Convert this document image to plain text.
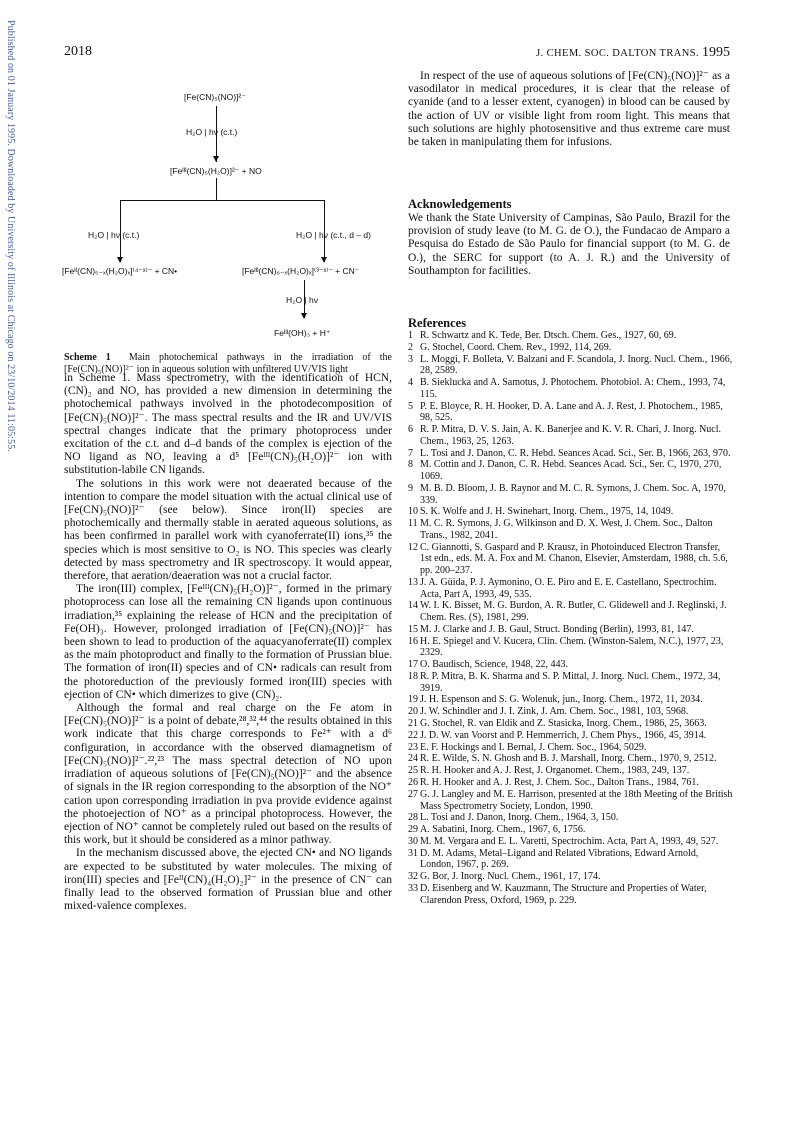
Published on 01 January 1995. Downloaded by University of Illinois at Chicago on 23/10/2014 11:05:55.	2018	J. CHEM. SOC. DALTON TRANS. 1995
[Fe(CN)₅(NO)]²⁻
H₂O | hν (c.t.)
[Feᴵᴵᴵ(CN)₅(H₂O)]²⁻ + NO
H₂O | hν (c.t.)	H₂O | hν (c.t., d – d)
[Feᴵᴵ(CN)₅₋ₓ(H₂O)ₓ]⁽⁴⁻ˣ⁾⁻ + CN•	[Feᴵᴵᴵ(CN)₆₋ₓ(H₂O)ₓ]⁽³⁻ˣ⁾⁻ + CN⁻
H₂O | hν
Feᴵᴵᴵ(OH)₃ + H⁺
Scheme 1 Main photochemical pathways in the irradiation of the [Fe(CN)₅(NO)]²⁻ ion in aqueous solution with unfiltered UV/VIS light

in Scheme 1. Mass spectrometry, with the identification of HCN, (CN)₂ and NO, has provided a new dimension in determining the photochemical pathways involved in the photodecomposition of [Fe(CN)₅(NO)]²⁻. The mass spectral results and the IR and UV/VIS spectral changes indicate that the primary photoprocess under excitation of the c.t. and d–d bands of the complex is ejection of the NO ligand as NO, leaving a d⁵ [Feᴵᴵᴵ(CN)₅(H₂O)]²⁻ ion with substitution-labile CN ligands.

The solutions in this work were not deaerated because of the intention to compare the model situation with the actual clinical use of [Fe(CN)₅(NO)]²⁻ (see below). Since iron(II) species are photochemically and thermally stable in aerated aqueous solutions, as has been confirmed in parallel work with cyanoferrate(II) ions,³⁵ the species which is most sensitive to O₂ is NO. This species was clearly detected by mass spectrometry and IR spectroscopy. It would appear, therefore, that aeration/deaeration was not a crucial factor.

The iron(III) complex, [Feᴵᴵᴵ(CN)₅(H₂O)]²⁻, formed in the primary photoprocess can lose all the remaining CN ligands upon continuous irradiation,³⁵ explaining the release of HCN and the precipitation of Fe(OH)₃. However, prolonged irradiation of [Fe(CN)₅(NO)]²⁻ has been shown to lead to production of the aquacyanoferrate(II) complex as the main photoproduct and finally to the formation of Prussian blue. The formation of iron(II) species and of CN• radicals can result from the photoreduction of the previously formed iron(III) species with ejection of CN• which dimerizes to give (CN)₂.

Although the formal and real charge on the Fe atom in [Fe(CN)₅(NO)]²⁻ is a point of debate,²⁸,³²,⁴⁴ the results obtained in this work indicate that this charge corresponds to Fe²⁺ with a d⁶ configuration, in accordance with the observed diamagnetism of [Fe(CN)₅(NO)]²⁻.²²,²³ The mass spectral detection of NO upon irradiation of aqueous solutions of [Fe(CN)₅(NO)]²⁻ and the absence of signals in the IR region corresponding to the absorption of the NO⁺ cation upon corresponding irradiation in pva provide evidence against the photoejection of NO⁺ as a principal photoprocess. However, the ejection of NO⁺ cannot be completely ruled out based on the results of this work, but it should be considered as a minor pathway.

In the mechanism discussed above, the ejected CN• and NO ligands are expected to be substituted by water molecules. The mixing of iron(III) species and [Feᴵᴵ(CN)₄(H₂O)₂]²⁻ in the presence of CN⁻ can finally lead to the observed formation of Prussian blue and other mixed-valence complexes.

In respect of the use of aqueous solutions of [Fe(CN)₅(NO)]²⁻ as a vasodilator in medical procedures, it is clear that the release of cyanide (and to a lesser extent, cyanogen) in blood can be caused by the action of UV or visible light from room light. This means that such solutions are highly photosensitive and thus extreme care must be taken in manipulating them for infusions.

Acknowledgements
We thank the State University of Campinas, São Paulo, Brazil for the provision of study leave (to M. G. de O.), the Fundacao de Amparo a Pesquisa do Estado de São Paulo for financial support (to M. G. de O.), the SERC for support (to A. J. R.) and the University of Southampton for facilities.
References
1 R. Schwartz and K. Tede, Ber. Dtsch. Chem. Ges., 1927, 60, 69.
2 G. Stochel, Coord. Chem. Rev., 1992, 114, 269.
3 L. Moggi, F. Bolleta, V. Balzani and F. Scandola, J. Inorg. Nucl. Chem., 1966, 28, 2589.
4 B. Sieklucka and A. Samotus, J. Photochem. Photobiol. A: Chem., 1993, 74, 115.
5 P. E. Bloyce, R. H. Hooker, D. A. Lane and A. J. Rest, J. Photochem., 1985, 98, 525.
6 R. P. Mitra, D. V. S. Jain, A. K. Banerjee and K. V. R. Chari, J. Inorg. Nucl. Chem., 1963, 25, 1263.
7 L. Tosi and J. Danon, C. R. Hebd. Seances Acad. Sci., Ser. B, 1966, 263, 970.
8 M. Cottin and J. Danon, C. R. Hebd. Seances Acad. Sci., Ser. C, 1970, 270, 1069.
9 M. B. D. Bloom, J. B. Raynor and M. C. R. Symons, J. Chem. Soc. A, 1970, 339.
10 S. K. Wolfe and J. H. Swinehart, Inorg. Chem., 1975, 14, 1049.
11 M. C. R. Symons, J. G. Wilkinson and D. X. West, J. Chem. Soc., Dalton Trans., 1982, 2041.
12 C. Giannotti, S. Gaspard and P. Krausz, in Photoinduced Electron Transfer, 1st edn., eds. M. A. Fox and M. Chanon, Elsevier, Amsterdam, 1988, ch. 5.6, pp. 200–237.
13 J. A. Güida, P. J. Aymonino, O. E. Piro and E. E. Castellano, Spectrochim. Acta, Part A, 1993, 49, 535.
14 W. I. K. Bisset, M. G. Burdon, A. R. Butler, C. Glidewell and J. Reglinski, J. Chem. Res. (S), 1981, 299.
15 M. J. Clarke and J. B. Gaul, Struct. Bonding (Berlin), 1993, 81, 147.
16 H. E. Spiegel and V. Kucera, Clin. Chem. (Winston-Salem, N.C.), 1977, 23, 2329.
17 O. Baudisch, Science, 1948, 22, 443.
18 R. P. Mitra, B. K. Sharma and S. P. Mittal, J. Inorg. Nucl. Chem., 1972, 34, 3919.
19 J. H. Espenson and S. G. Wolenuk, jun., Inorg. Chem., 1972, 11, 2034.
20 J. W. Schindler and J. I. Zink, J. Am. Chem. Soc., 1981, 103, 5968.
21 G. Stochel, R. van Eldik and Z. Stasicka, Inorg. Chem., 1986, 25, 3663.
22 J. D. W. van Voorst and P. Hemmerrich, J. Chem Phys., 1966, 45, 3914.
23 E. F. Hockings and I. Bernal, J. Chem. Soc., 1964, 5029.
24 R. E. Wilde, S. N. Ghosh and B. J. Marshall, Inorg. Chem., 1970, 9, 2512.
25 R. H. Hooker and A. J. Rest, J. Organomet. Chem., 1983, 249, 137.
26 R. H. Hooker and A. J. Rest, J. Chem. Soc., Dalton Trans., 1984, 761.
27 G. J. Langley and M. E. Harrison, presented at the 18th Meeting of the British Mass Spectrometry Society, London, 1990.
28 L. Tosi and J. Danon, Inorg. Chem., 1964, 3, 150.
29 A. Sabatini, Inorg. Chem., 1967, 6, 1756.
30 M. M. Vergara and E. L. Varetti, Spectrochim. Acta, Part A, 1993, 49, 527.
31 D. M. Adams, Metal–Ligand and Related Vibrations, Edward Arnold, London, 1967, p. 269.
32 G. Bor, J. Inorg. Nucl. Chem., 1961, 17, 174.
33 D. Eisenberg and W. Kauzmann, The Structure and Properties of Water, Clarendon Press, Oxford, 1969, p. 229.
